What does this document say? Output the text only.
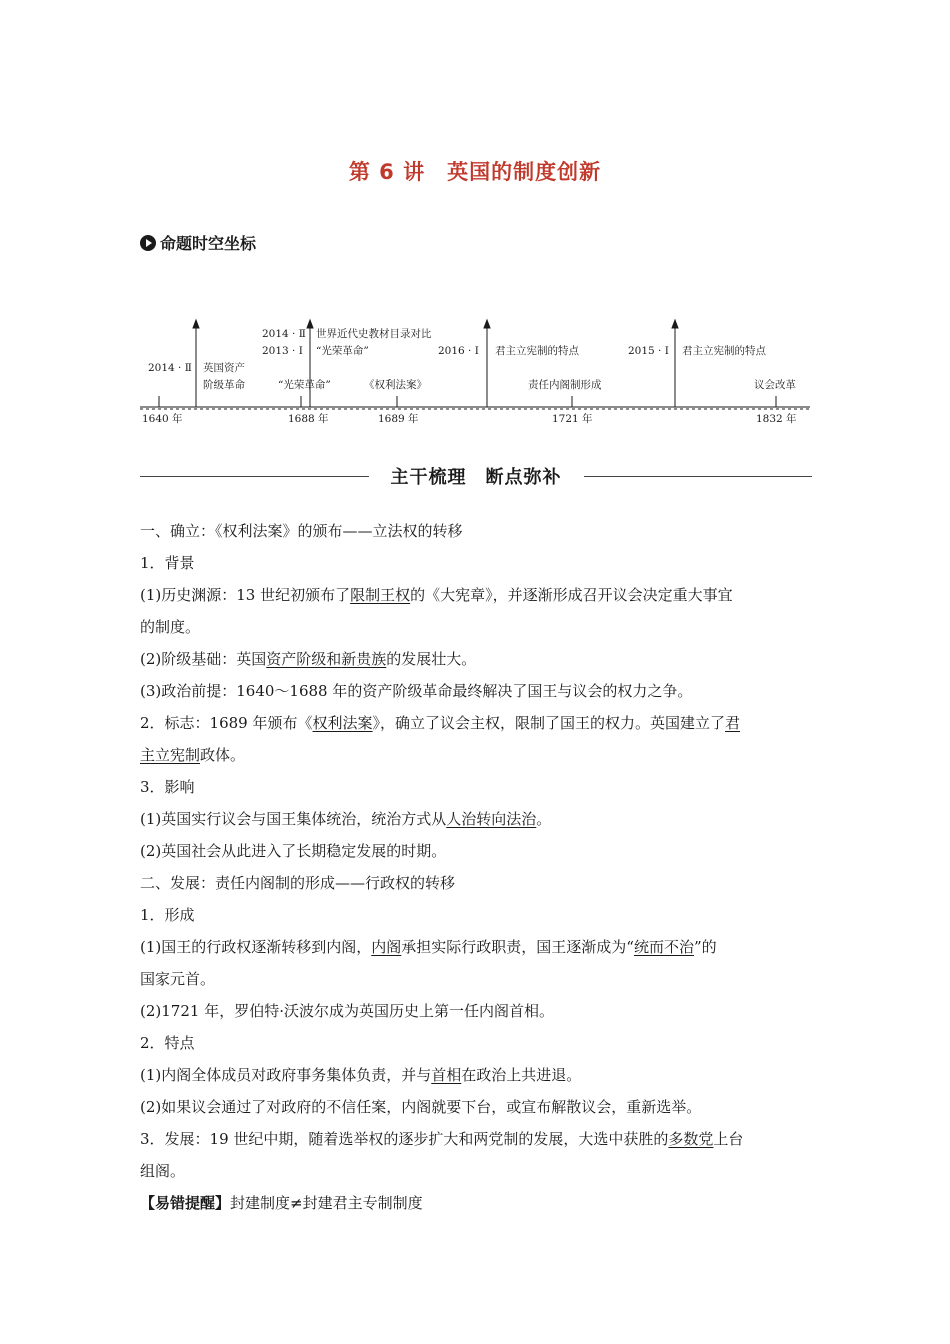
第 6 讲　英国的制度创新
命题时空坐标
1640 年	1688 年	1689 年	1721 年	1832 年
2014 · Ⅱ 英国资产
阶级革命
2014 · Ⅱ
2013 · Ⅰ
世界近代史教材目录对比
“光荣革命”
“光荣革命”	《权利法案》
2016 · Ⅰ 君主立宪制的特点
责任内阁制形成
2015 · Ⅰ 君主立宪制的特点
议会改革
主干梳理　断点弥补

一、确立：《权利法案》的颁布——立法权的转移

1．背景

(1)历史渊源：13 世纪初颁布了限制王权的《大宪章》，并逐渐形成召开议会决定重大事宜

的制度。

(2)阶级基础：英国资产阶级和新贵族的发展壮大。

(3)政治前提：1640～1688 年的资产阶级革命最终解决了国王与议会的权力之争。

2．标志：1689 年颁布《权利法案》，确立了议会主权，限制了国王的权力。英国建立了君

主立宪制政体。

3．影响

(1)英国实行议会与国王集体统治，统治方式从人治转向法治。

(2)英国社会从此进入了长期稳定发展的时期。

二、发展：责任内阁制的形成——行政权的转移

1．形成

(1)国王的行政权逐渐转移到内阁，内阁承担实际行政职责，国王逐渐成为“统而不治”的

国家元首。

(2)1721 年，罗伯特·沃波尔成为英国历史上第一任内阁首相。

2．特点

(1)内阁全体成员对政府事务集体负责，并与首相在政治上共进退。

(2)如果议会通过了对政府的不信任案，内阁就要下台，或宣布解散议会，重新选举。

3．发展：19 世纪中期，随着选举权的逐步扩大和两党制的发展，大选中获胜的多数党上台

组阁。

【易错提醒】封建制度≠封建君主专制制度
